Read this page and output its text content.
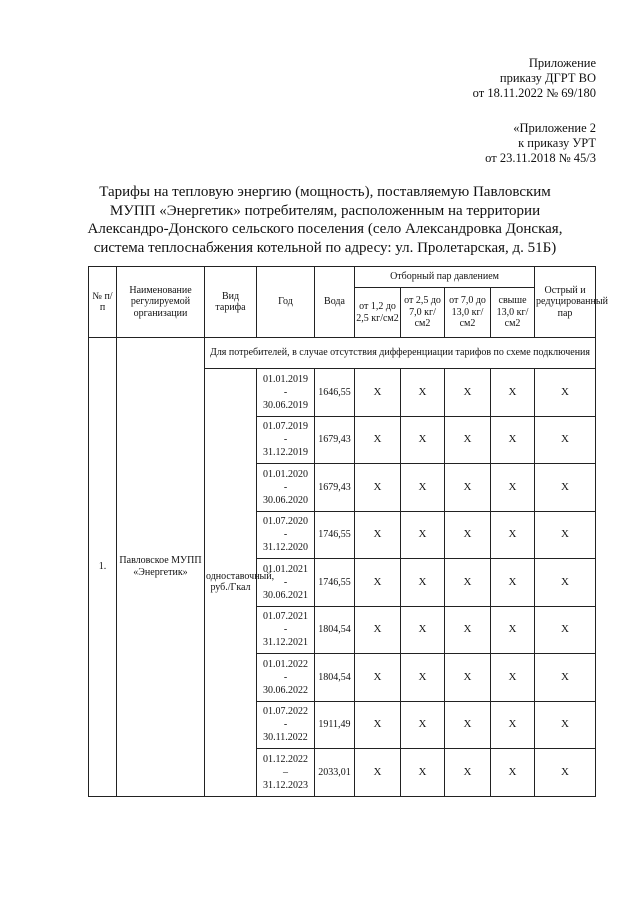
Приложение
приказу ДГРТ ВО
от 18.11.2022 № 69/180
«Приложение 2
к приказу УРТ
от 23.11.2018 № 45/3
Тарифы на тепловую энергию (мощность), поставляемую Павловским
МУПП «Энергетик» потребителям, расположенным на территории
Александро-Донского сельского поселения (село Александровка Донская,
система теплоснабжения котельной по адресу: ул. Пролетарская, д. 51Б)
№ п/п	Наименование регулируемой организации	Вид тарифа	Год	Вода	Отборный пар давлением				Острый и редуцированный пар
					от 1,2 до 2,5 кг/см2	от 2,5 до 7,0 кг/см2	от 7,0 до 13,0 кг/см2	свыше 13,0 кг/см2	
1.	Павловское МУПП «Энергетик»	Для потребителей, в случае отсутствия дифференциации тарифов по схеме подключения							
		одноставочный, руб./Гкал	01.01.2019
-
30.06.2019	1646,55	X	X	X	X	X

			01.07.2019
-
31.12.2019	1679,43	X	X	X	X	X

			01.01.2020
-
30.06.2020	1679,43	X	X	X	X	X

			01.07.2020
-
31.12.2020	1746,55	X	X	X	X	X

			01.01.2021
-
30.06.2021	1746,55	X	X	X	X	X

			01.07.2021
-
31.12.2021	1804,54	X	X	X	X	X

			01.01.2022
-
30.06.2022	1804,54	X	X	X	X	X

			01.07.2022
-
30.11.2022	1911,49	X	X	X	X	X

			01.12.2022
–
31.12.2023	2033,01	X	X	X	X	X
